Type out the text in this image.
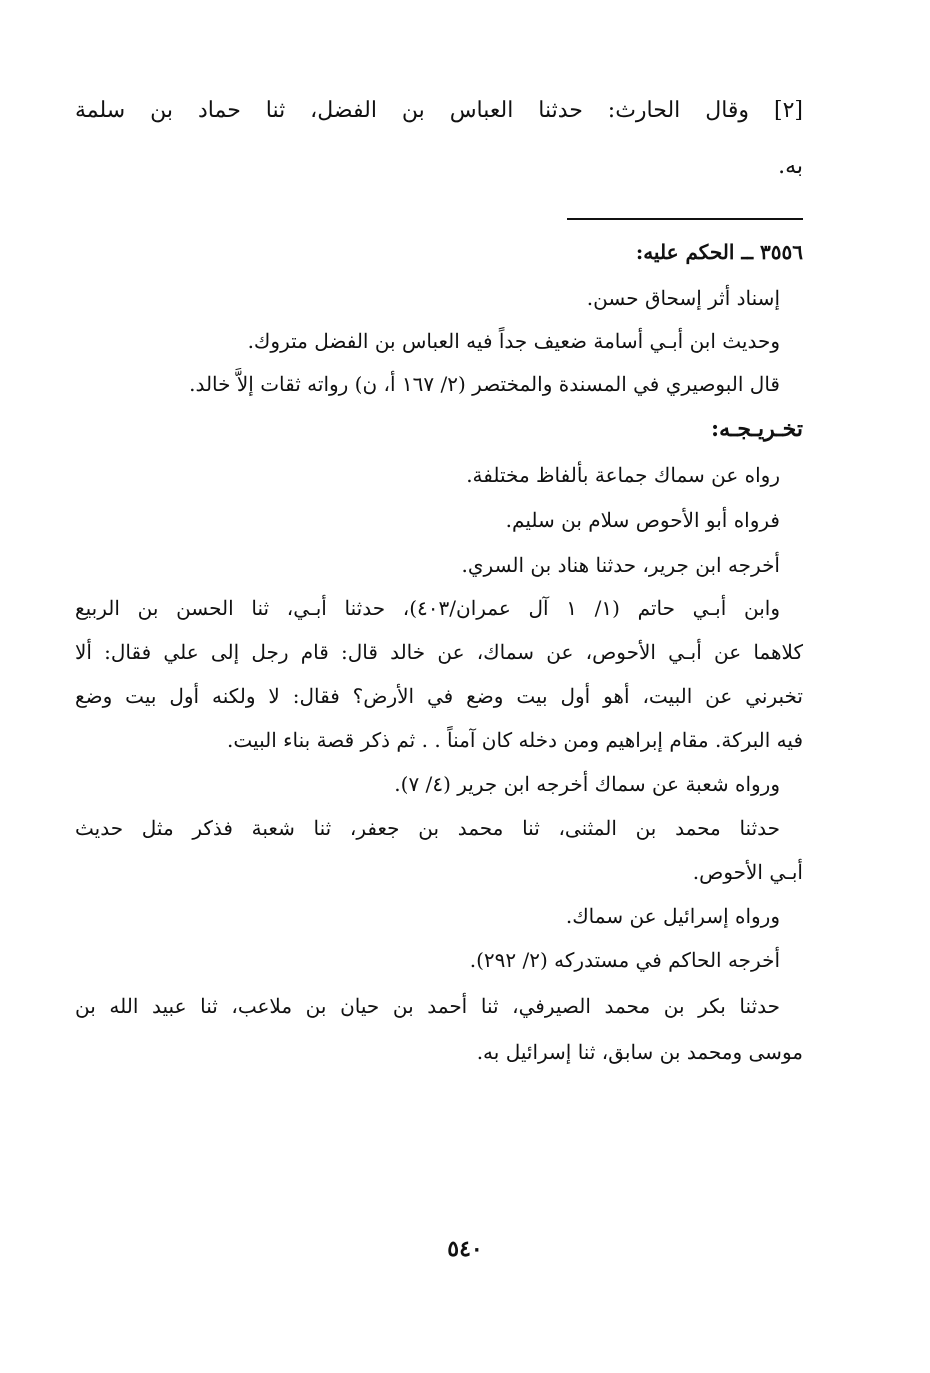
[٢] وقال الحارث: حدثنا العباس بن الفضل، ثنا حماد بن سلمة
به.
٣٥٥٦ ــ الحكم عليه:
إسناد أثر إسحاق حسن.
وحديث ابن أبـي أسامة ضعيف جداً فيه العباس بن الفضل متروك.
قال البوصيري في المسندة والمختصر (٢/ ١٦٧ أ، ن) رواته ثقات إلاَّ خالد.
تخـريـجـه:
رواه عن سماك جماعة بألفاظ مختلفة.
فرواه أبو الأحوص سلام بن سليم.
أخرجه ابن جرير، حدثنا هناد بن السري.
وابن أبـي حاتم (١/ ١ آل عمران/٤٠٣)، حدثنا أبـي، ثنا الحسن بن الربيع
كلاهما عن أبـي الأحوص، عن سماك، عن خالد قال: قام رجل إلى علي فقال: ألا
تخبرني عن البيت، أهو أول بيت وضع في الأرض؟ فقال: لا ولكنه أول بيت وضع
فيه البركة. مقام إبراهيم ومن دخله كان آمناً . . ثم ذكر قصة بناء البيت.
ورواه شعبة عن سماك أخرجه ابن جرير (٤/ ٧).
حدثنا محمد بن المثنى، ثنا محمد بن جعفر، ثنا شعبة فذكر مثل حديث
أبـي الأحوص.
ورواه إسرائيل عن سماك.
أخرجه الحاكم في مستدركه (٢/ ٢٩٢).
حدثنا بكر بن محمد الصيرفي، ثنا أحمد بن حيان بن ملاعب، ثنا عبيد الله بن
موسى ومحمد بن سابق، ثنا إسرائيل به.
٥٤٠
